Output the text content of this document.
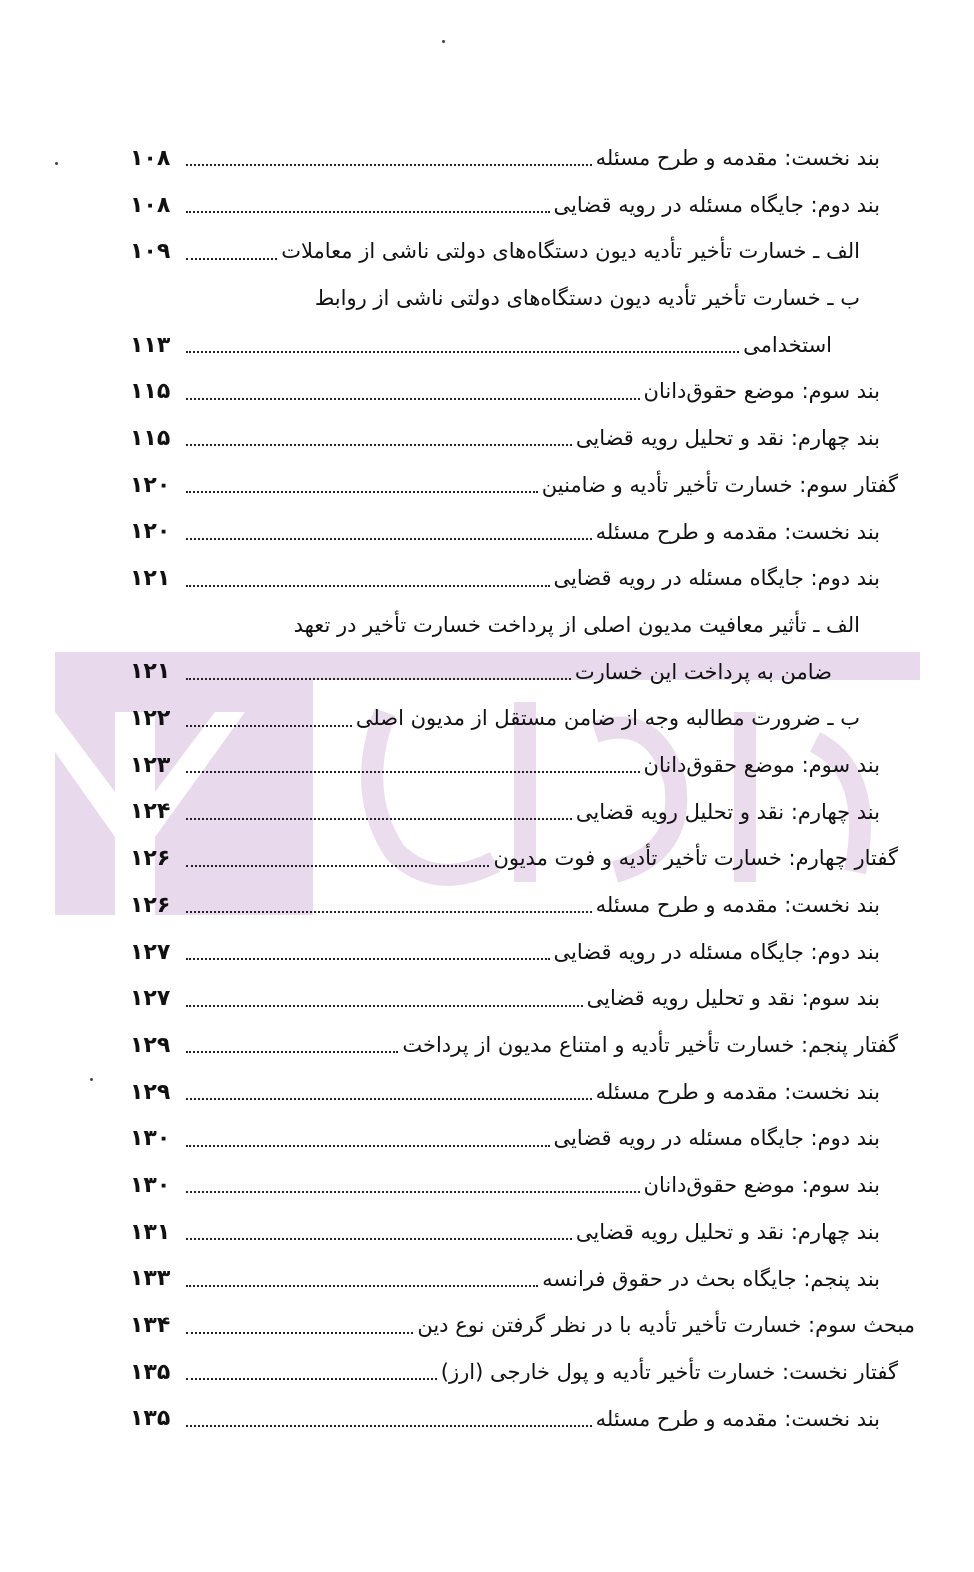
بند نخست: مقدمه و طرح مسئله
۱۰۸
بند دوم: جایگاه مسئله در رویه قضایی
۱۰۸
الف ـ خسارت تأخیر تأدیه دیون دستگاه‌های دولتی ناشی از معاملات
۱۰۹
ب ـ خسارت تأخیر تأدیه دیون دستگاه‌های دولتی ناشی از روابط
استخدامی
۱۱۳
بند سوم: موضع حقوق‌دانان
۱۱۵
بند چهارم: نقد و تحلیل رویه قضایی
۱۱۵
گفتار سوم: خسارت تأخیر تأدیه و ضامنین
۱۲۰
بند نخست: مقدمه و طرح مسئله
۱۲۰
بند دوم: جایگاه مسئله در رویه قضایی
۱۲۱
الف ـ تأثیر معافیت مدیون اصلی از پرداخت خسارت تأخیر در تعهد
ضامن به پرداخت این خسارت
۱۲۱
ب ـ ضرورت مطالبه وجه از ضامن مستقل از مدیون اصلی
۱۲۲
بند سوم: موضع حقوق‌دانان
۱۲۳
بند چهارم: نقد و تحلیل رویه قضایی
۱۲۴
گفتار چهارم: خسارت تأخیر تأدیه و فوت مدیون
۱۲۶
بند نخست: مقدمه و طرح مسئله
۱۲۶
بند دوم: جایگاه مسئله در رویه قضایی
۱۲۷
بند سوم: نقد و تحلیل رویه قضایی
۱۲۷
گفتار پنجم: خسارت تأخیر تأدیه و امتناع مدیون از پرداخت
۱۲۹
بند نخست: مقدمه و طرح مسئله
۱۲۹
بند دوم: جایگاه مسئله در رویه قضایی
۱۳۰
بند سوم: موضع حقوق‌دانان
۱۳۰
بند چهارم: نقد و تحلیل رویه قضایی
۱۳۱
بند پنجم: جایگاه بحث در حقوق فرانسه
۱۳۳
مبحث سوم: خسارت تأخیر تأدیه با در نظر گرفتن نوع دین
۱۳۴
گفتار نخست: خسارت تأخیر تأدیه و پول خارجی (ارز)
۱۳۵
بند نخست: مقدمه و طرح مسئله
۱۳۵
